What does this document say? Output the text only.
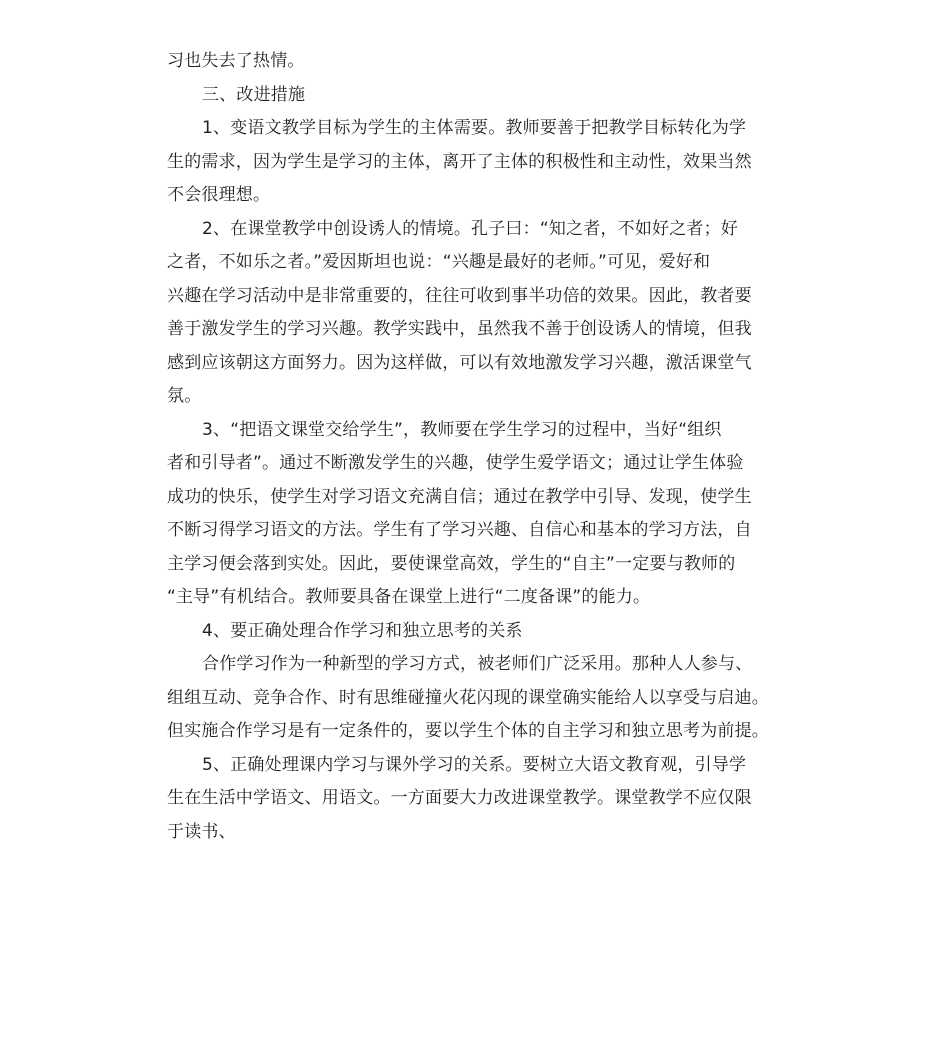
习也失去了热情。
三、改进措施
1、变语文教学目标为学生的主体需要。教师要善于把教学目标转化为学
生的需求，因为学生是学习的主体，离开了主体的积极性和主动性，效果当然
不会很理想。
2、在课堂教学中创设诱人的情境。孔子曰：“知之者，不如好之者；好
之者，不如乐之者。”爱因斯坦也说：“兴趣是最好的老师。”可见，爱好和
兴趣在学习活动中是非常重要的，往往可收到事半功倍的效果。因此，教者要
善于激发学生的学习兴趣。教学实践中，虽然我不善于创设诱人的情境，但我
感到应该朝这方面努力。因为这样做，可以有效地激发学习兴趣，激活课堂气
氛。
3、“把语文课堂交给学生”，教师要在学生学习的过程中，当好“组织
者和引导者”。通过不断激发学生的兴趣，使学生爱学语文；通过让学生体验
成功的快乐，使学生对学习语文充满自信；通过在教学中引导、发现，使学生
不断习得学习语文的方法。学生有了学习兴趣、自信心和基本的学习方法，自
主学习便会落到实处。因此，要使课堂高效，学生的“自主”一定要与教师的
“主导”有机结合。教师要具备在课堂上进行“二度备课”的能力。
4、要正确处理合作学习和独立思考的关系
合作学习作为一种新型的学习方式，被老师们广泛采用。那种人人参与、
组组互动、竞争合作、时有思维碰撞火花闪现的课堂确实能给人以享受与启迪。
但实施合作学习是有一定条件的，要以学生个体的自主学习和独立思考为前提。
5、正确处理课内学习与课外学习的关系。要树立大语文教育观，引导学
生在生活中学语文、用语文。一方面要大力改进课堂教学。课堂教学不应仅限
于读书、
